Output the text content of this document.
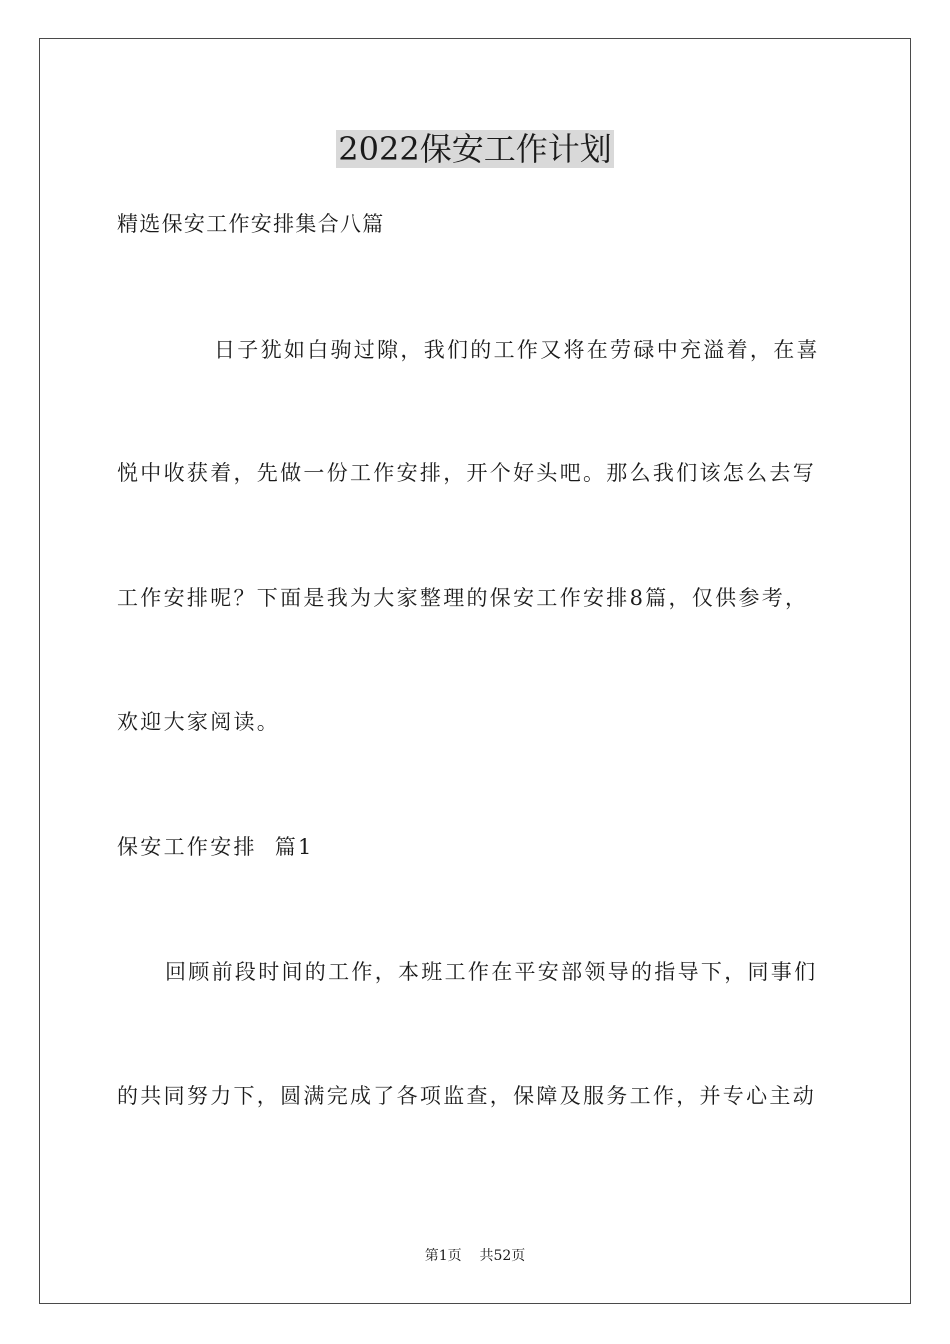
2022保安工作计划

精选保安工作安排集合八篇

日子犹如白驹过隙，我们的工作又将在劳碌中充溢着，在喜

悦中收获着，先做一份工作安排，开个好头吧。那么我们该怎么去写

工作安排呢？下面是我为大家整理的保安工作安排8篇，仅供参考，

欢迎大家阅读。

保安工作安排  篇1

回顾前段时间的工作，本班工作在平安部领导的指导下，同事们

的共同努力下，圆满完成了各项监查，保障及服务工作，并专心主动

第1页    共52页
